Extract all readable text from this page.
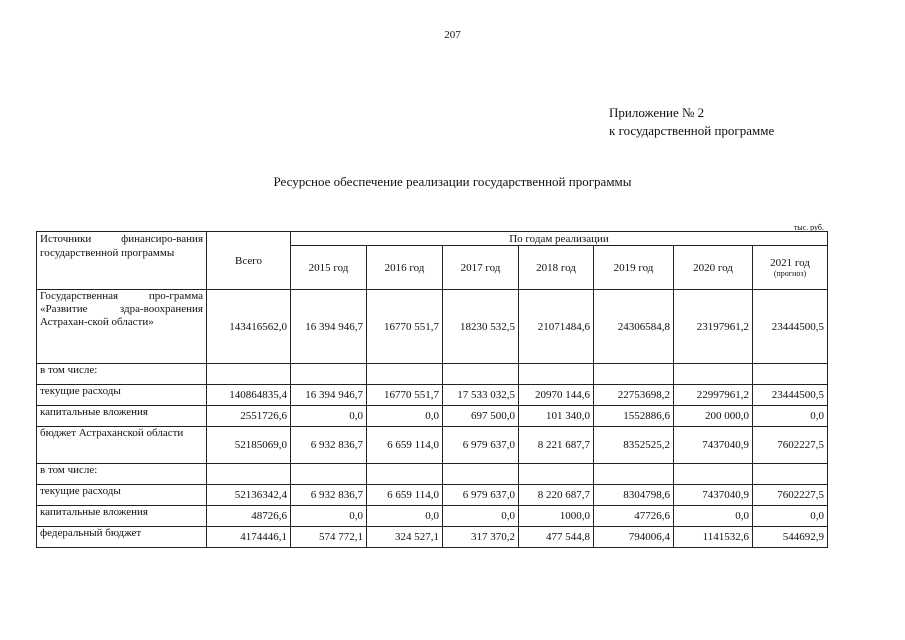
207
Приложение № 2
к государственной программе
Ресурсное обеспечение реализации государственной программы
тыс. руб.
Источники финансиро-вания государственной программы	Всего	По годам реализации						
		2015 год	2016 год	2017 год	2018 год	2019 год	2020 год	2021 год
(прогноз)

Государственная про-грамма «Развитие здра-воохранения Астрахан-ской области»	143416562,0	16 394 946,7	16770 551,7	18230 532,5	21071484,6	24306584,8	23197961,2	23444500,5
в том числе:								
текущие расходы	140864835,4	16 394 946,7	16770 551,7	17 533 032,5	20970 144,6	22753698,2	22997961,2	23444500,5
капитальные вложения	2551726,6	0,0	0,0	697 500,0	101 340,0	1552886,6	200 000,0	0,0
бюджет Астраханской области	52185069,0	6 932 836,7	6 659 114,0	6 979 637,0	8 221 687,7	8352525,2	7437040,9	7602227,5
в том числе:								
текущие расходы	52136342,4	6 932 836,7	6 659 114,0	6 979 637,0	8 220 687,7	8304798,6	7437040,9	7602227,5
капитальные вложения	48726,6	0,0	0,0	0,0	1000,0	47726,6	0,0	0,0
федеральный бюджет	4174446,1	574 772,1	324 527,1	317 370,2	477 544,8	794006,4	1141532,6	544692,9
